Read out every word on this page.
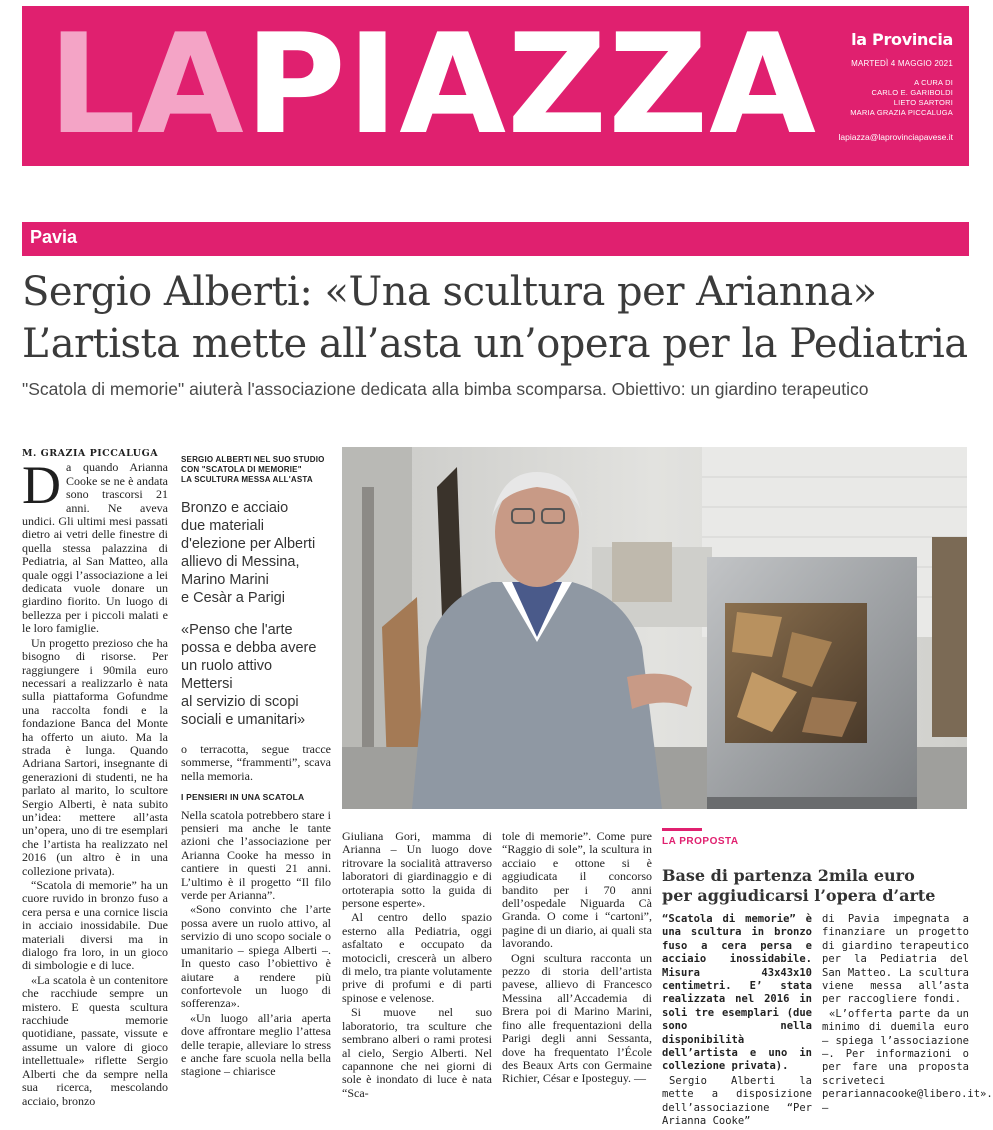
LAPIAZZA	la Provincia
MARTEDÌ 4 MAGGIO 2021
A CURA DI
CARLO E. GARIBOLDI
LIETO SARTORI
MARIA GRAZIA PICCALUGA
lapiazza@laprovinciapavese.it
Pavia
Sergio Alberti: «Una scultura per Arianna»
L’artista mette all’asta un’opera per la Pediatria
"Scatola di memorie" aiuterà l'associazione dedicata alla bimba scomparsa. Obiettivo: un giardino terapeutico

M. GRAZIA PICCALUGA

Da quando Arianna Cooke se ne è andata sono trascorsi 21 anni. Ne aveva undici. Gli ultimi mesi passati dietro ai vetri delle finestre di quella stessa palazzina di Pediatria, al San Matteo, alla quale oggi l’associazione a lei dedicata vuole donare un giardino fiorito. Un luogo di bellezza per i piccoli malati e le loro famiglie.

Un progetto prezioso che ha bisogno di risorse. Per raggiungere i 90mila euro necessari a realizzarlo è nata sulla piattaforma Gofundme una raccolta fondi e la fondazione Banca del Monte ha offerto un aiuto. Ma la strada è lunga. Quando Adriana Sartori, insegnante di generazioni di studenti, ne ha parlato al marito, lo scultore Sergio Alberti, è nata subito un’idea: mettere all’asta un’opera, uno di tre esemplari che l’artista ha realizzato nel 2016 (un altro è in una collezione privata).

“Scatola di memorie” ha un cuore ruvido in bronzo fuso a cera persa e una cornice liscia in acciaio inossidabile. Due materiali diversi ma in dialogo fra loro, in un gioco di simbologie e di luce.

«La scatola è un contenitore che racchiude sempre un mistero. E questa scultura racchiude memorie quotidiane, passate, vissute e assume un valore di gioco intellettuale» riflette Sergio Alberti che da sempre nella sua ricerca, mescolando acciaio, bronzo

SERGIO ALBERTI NEL SUO STUDIO
CON "SCATOLA DI MEMORIE"
LA SCULTURA MESSA ALL'ASTA
Bronzo e acciaio
due materiali
d'elezione per Alberti
allievo di Messina,
Marino Marini
e Cesàr a Parigi
«Penso che l'arte
possa e debba avere
un ruolo attivo
Mettersi
al servizio di scopi
sociali e umanitari»

o terracotta, segue tracce sommerse, “frammenti”, scava nella memoria.

I PENSIERI IN UNA SCATOLA

Nella scatola potrebbero stare i pensieri ma anche le tante azioni che l’associazione per Arianna Cooke ha messo in cantiere in questi 21 anni. L’ultimo è il progetto “Il filo verde per Arianna”.

«Sono convinto che l’arte possa avere un ruolo attivo, al servizio di uno scopo sociale o umanitario – spiega Alberti –. In questo caso l’obiettivo è aiutare a rendere più confortevole un luogo di sofferenza».

«Un luogo all’aria aperta dove affrontare meglio l’attesa delle terapie, alleviare lo stress e anche fare scuola nella bella stagione – chiarisce

Giuliana Gori, mamma di Arianna – Un luogo dove ritrovare la socialità attraverso laboratori di giardinaggio e di ortoterapia sotto la guida di persone esperte».

Al centro dello spazio esterno alla Pediatria, oggi asfaltato e occupato da motocicli, crescerà un albero di melo, tra piante volutamente prive di profumi e di parti spinose e velenose.

Si muove nel suo laboratorio, tra sculture che sembrano alberi o rami protesi al cielo, Sergio Alberti. Nel capannone che nei giorni di sole è inondato di luce è nata “Sca-

tole di memorie”. Come pure “Raggio di sole”, la scultura in acciaio e ottone si è aggiudicata il concorso bandito per i 70 anni dell’ospedale Niguarda Cà Granda. O come i “cartoni”, pagine di un diario, ai quali sta lavorando.

Ogni scultura racconta un pezzo di storia dell’artista pavese, allievo di Francesco Messina all’Accademia di Brera poi di Marino Marini, fino alle frequentazioni della Parigi degli anni Sessanta, dove ha frequentato l’École des Beaux Arts con Germaine Richier, César e Iposteguy. —

LA PROPOSTA
Base di partenza 2mila euro
per aggiudicarsi l’opera d’arte

“Scatola di memorie” è una scultura in bronzo fuso a cera persa e acciaio inossidabile. Misura 43x43x10 centimetri. E’ stata realizzata nel 2016 in soli tre esemplari (due sono nella disponibilità dell’artista e uno in collezione privata).

Sergio Alberti la mette a disposizione dell’associazione “Per Arianna Cooke”

di Pavia impegnata a finanziare un progetto di giardino terapeutico per la Pediatria del San Matteo. La scultura viene messa all’asta per raccogliere fondi.

«L’offerta parte da un minimo di duemila euro – spiega l’associazione –. Per informazioni o per fare una proposta scriveteci perariannacooke@libero.it». —
